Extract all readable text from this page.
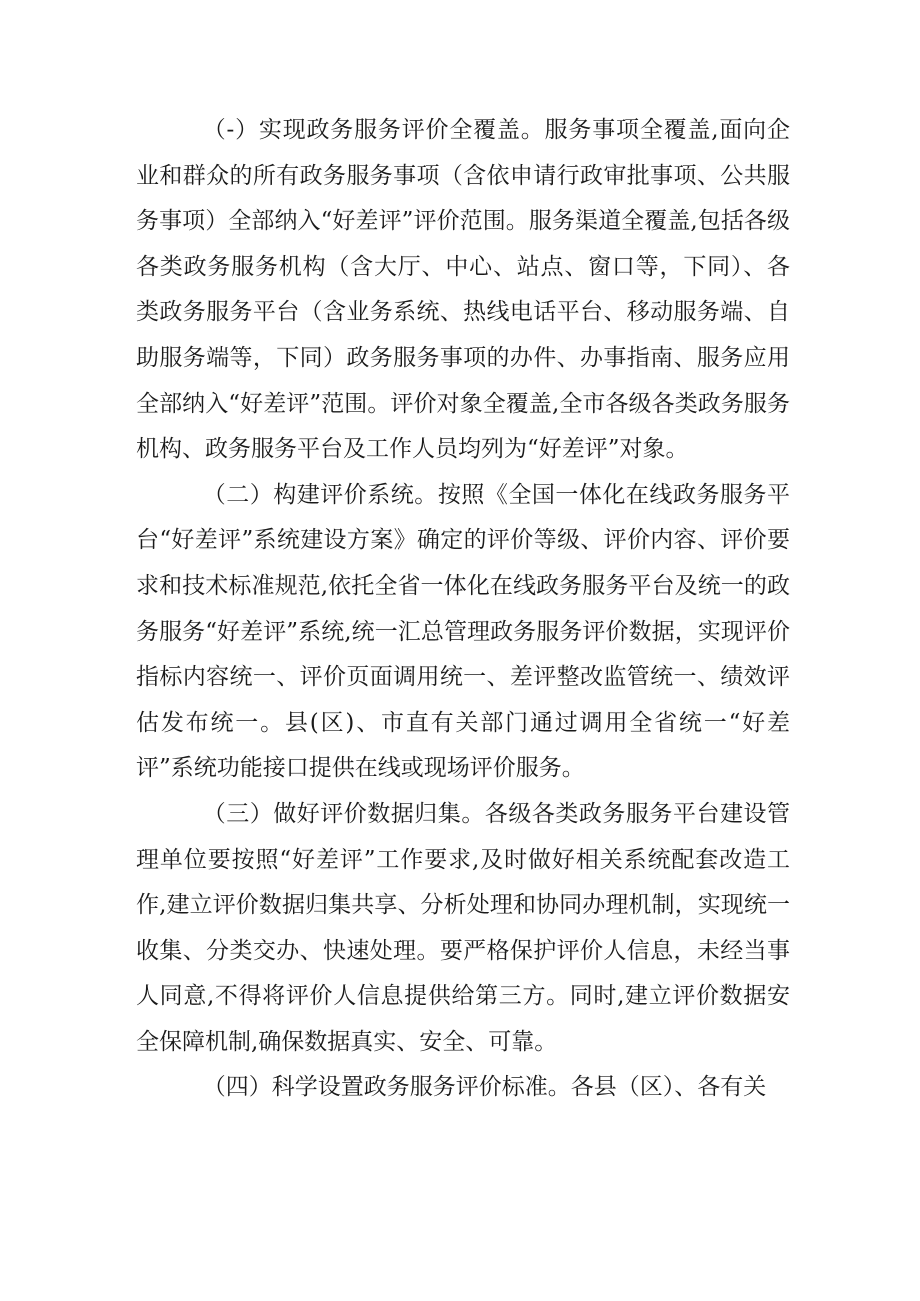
（-）实现政务服务评价全覆盖。服务事项全覆盖,面向企业和群众的所有政务服务事项（含依申请行政审批事项、公共服务事项）全部纳入“好差评”评价范围。服务渠道全覆盖,包括各级各类政务服务机构（含大厅、中心、站点、窗口等，下同）、各类政务服务平台（含业务系统、热线电话平台、移动服务端、自助服务端等，下同）政务服务事项的办件、办事指南、服务应用全部纳入“好差评”范围。评价对象全覆盖,全市各级各类政务服务机构、政务服务平台及工作人员均列为“好差评”对象。

（二）构建评价系统。按照《全国一体化在线政务服务平台“好差评”系统建设方案》确定的评价等级、评价内容、评价要求和技术标准规范,依托全省一体化在线政务服务平台及统一的政务服务“好差评”系统,统一汇总管理政务服务评价数据，实现评价指标内容统一、评价页面调用统一、差评整改监管统一、绩效评估发布统一。县(区)、市直有关部门通过调用全省统一“好差评”系统功能接口提供在线或现场评价服务。

（三）做好评价数据归集。各级各类政务服务平台建设管理单位要按照“好差评”工作要求,及时做好相关系统配套改造工作,建立评价数据归集共享、分析处理和协同办理机制，实现统一收集、分类交办、快速处理。要严格保护评价人信息，未经当事人同意,不得将评价人信息提供给第三方。同时,建立评价数据安全保障机制,确保数据真实、安全、可靠。

（四）科学设置政务服务评价标准。各县（区）、各有关
